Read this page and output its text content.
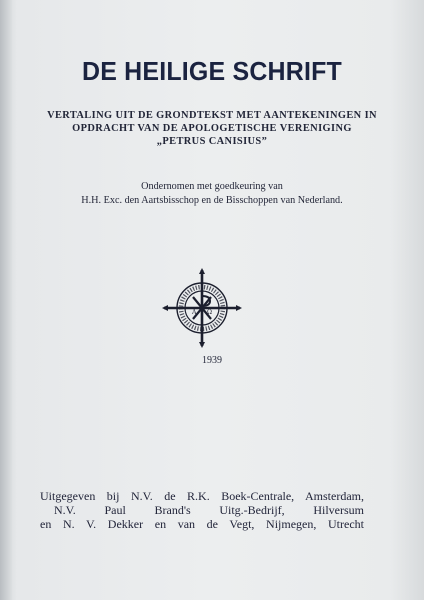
DE HEILIGE SCHRIFT
VERTALING UIT DE GRONDTEKST MET AANTEKENINGEN IN
OPDRACHT VAN DE APOLOGETISCHE VERENIGING
„PETRUS CANISIUS”
Ondernomen met goedkeuring van
H.H. Exc. den Aartsbisschop en de Bisschoppen van Nederland.
A Ω
1939
Uitgegeven bij N.V. de R.K. Boek-Centrale, Amsterdam,
N.V. Paul Brand's Uitg.-Bedrijf, Hilversum
en N. V. Dekker en van de Vegt, Nijmegen, Utrecht
